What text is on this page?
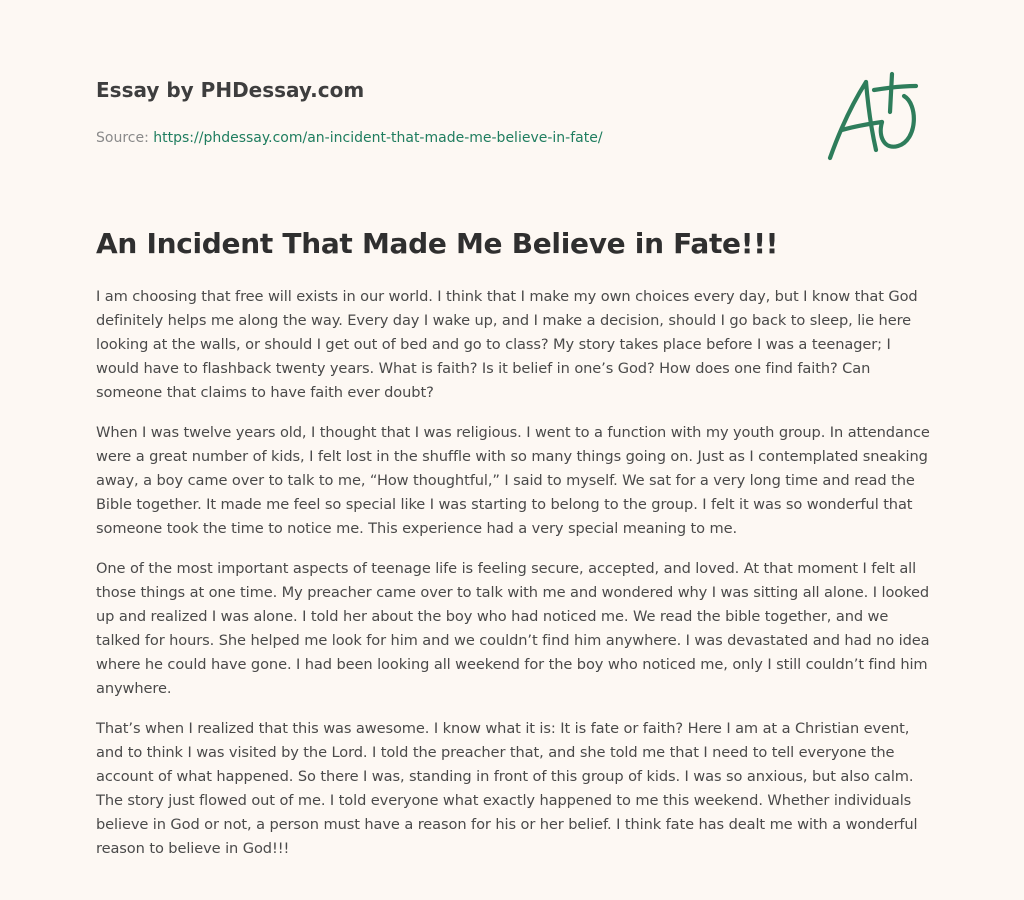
Essay by PHDessay.com
Source: https://phdessay.com/an-incident-that-made-me-believe-in-fate/
An Incident That Made Me Believe in Fate!!!

I am choosing that free will exists in our world. I think that I make my own choices every day, but I know that God definitely helps me along the way. Every day I wake up, and I make a decision, should I go back to sleep, lie here looking at the walls, or should I get out of bed and go to class? My story takes place before I was a teenager; I would have to flashback twenty years. What is faith? Is it belief in one’s God? How does one find faith? Can someone that claims to have faith ever doubt?

When I was twelve years old, I thought that I was religious. I went to a function with my youth group. In attendance were a great number of kids, I felt lost in the shuffle with so many things going on. Just as I contemplated sneaking away, a boy came over to talk to me, “How thoughtful,” I said to myself. We sat for a very long time and read the Bible together. It made me feel so special like I was starting to belong to the group. I felt it was so wonderful that someone took the time to notice me. This experience had a very special meaning to me.

One of the most important aspects of teenage life is feeling secure, accepted, and loved. At that moment I felt all those things at one time. My preacher came over to talk with me and wondered why I was sitting all alone. I looked up and realized I was alone. I told her about the boy who had noticed me. We read the bible together, and we talked for hours. She helped me look for him and we couldn’t find him anywhere. I was devastated and had no idea where he could have gone. I had been looking all weekend for the boy who noticed me, only I still couldn’t find him anywhere.

That’s when I realized that this was awesome. I know what it is: It is fate or faith? Here I am at a Christian event, and to think I was visited by the Lord. I told the preacher that, and she told me that I need to tell everyone the account of what happened. So there I was, standing in front of this group of kids. I was so anxious, but also calm. The story just flowed out of me. I told everyone what exactly happened to me this weekend. Whether individuals believe in God or not, a person must have a reason for his or her belief. I think fate has dealt me with a wonderful reason to believe in God!!!
